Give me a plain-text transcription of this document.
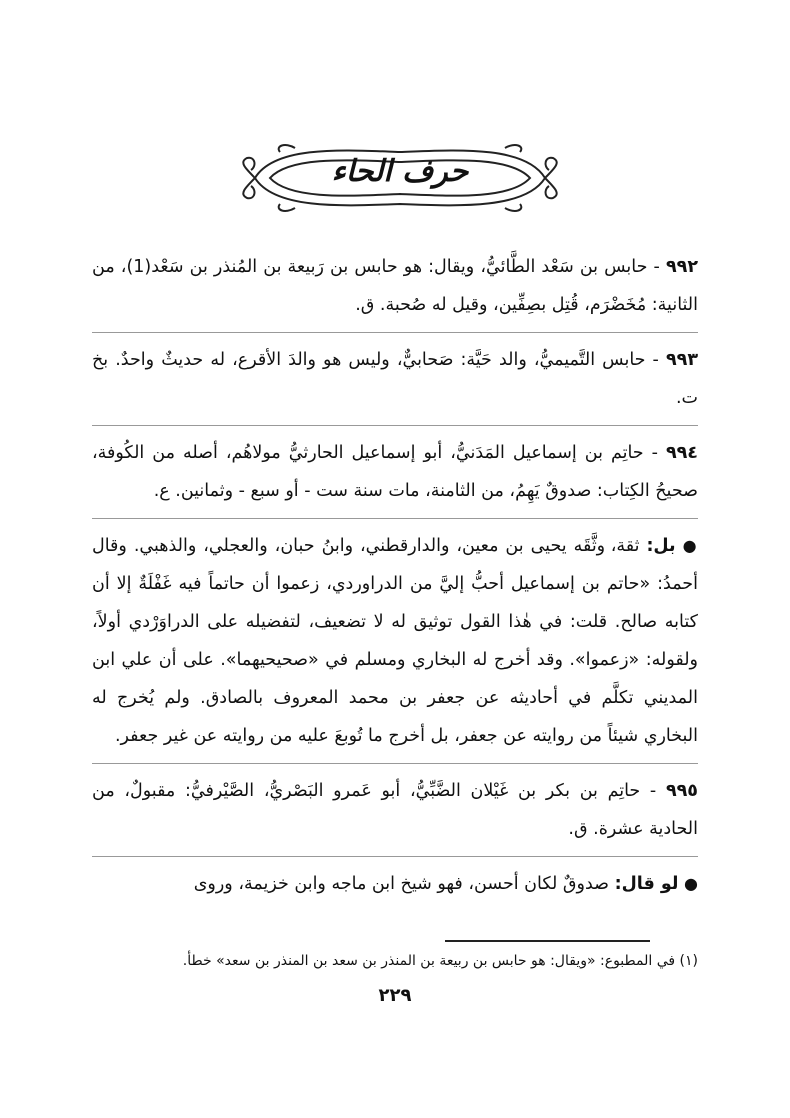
حرف الحاء

٩٩٢ - حابس بن سَعْد الطَّائيُّ، ويقال: هو حابس بن رَبيعة بن المُنذر بن سَعْد(1)، من الثانية: مُخَضْرَم، قُتِل بصِفِّين، وقيل له صُحبة. ق.

٩٩٣ - حابس التَّميميُّ، والد حَيَّة: صَحابيٌّ، وليس هو والدَ الأقرع، له حديثٌ واحدٌ. بخ ت.

٩٩٤ - حاتِم بن إسماعيل المَدَنيُّ، أبو إسماعيل الحارثيُّ مولاهُم، أصله من الكُوفة، صحيحُ الكِتاب: صدوقٌ يَهِمُ، من الثامنة، مات سنة ست - أو سبع - وثمانين. ع.

● بل: ثقة، وثَّقَه يحيى بن معين، والدارقطني، وابنُ حبان، والعجلي، والذهبي. وقال أحمدُ: «حاتم بن إسماعيل أحبُّ إليَّ من الدراوردي، زعموا أن حاتماً فيه غَفْلَةٌ إلا أن كتابه صالح. قلت: في هٰذا القول توثيق له لا تضعيف، لتفضيله على الدراوَرْدي أولاً، ولقوله: «زعموا». وقد أخرج له البخاري ومسلم في «صحيحيهما». على أن علي ابن المديني تكلَّم في أحاديثه عن جعفر بن محمد المعروف بالصادق. ولم يُخرج له البخاري شيئاً من روايته عن جعفر، بل أخرج ما تُوبعَ عليه من روايته عن غير جعفر.

٩٩٥ - حاتِم بن بكر بن غَيْلان الضَّبِّيُّ، أبو عَمرو البَصْريُّ، الصَّيْرفيُّ: مقبولٌ، من الحادية عشرة. ق.

● لو قال: صدوقٌ لكان أحسن، فهو شيخ ابن ماجه وابن خزيمة، وروى

(١) في المطبوع: «ويقال: هو حابس بن ربيعة بن المنذر بن سعد بن المنذر بن سعد» خطأ.
٢٢٩
